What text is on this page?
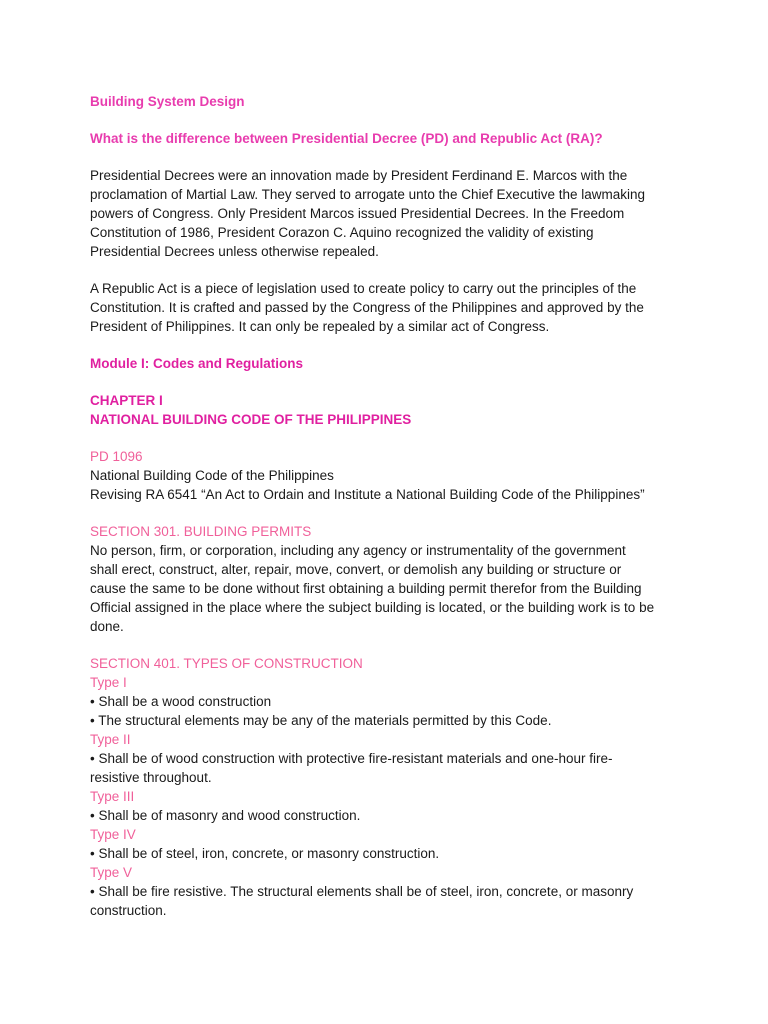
Building System Design
What is the difference between Presidential Decree (PD) and Republic Act (RA)?
Presidential Decrees were an innovation made by President Ferdinand E. Marcos with the
proclamation of Martial Law. They served to arrogate unto the Chief Executive the lawmaking
powers of Congress. Only President Marcos issued Presidential Decrees. In the Freedom
Constitution of 1986, President Corazon C. Aquino recognized the validity of existing
Presidential Decrees unless otherwise repealed.
A Republic Act is a piece of legislation used to create policy to carry out the principles of the
Constitution. It is crafted and passed by the Congress of the Philippines and approved by the
President of Philippines. It can only be repealed by a similar act of Congress.
Module I: Codes and Regulations
CHAPTER I
NATIONAL BUILDING CODE OF THE PHILIPPINES
PD 1096
National Building Code of the Philippines
Revising RA 6541 “An Act to Ordain and Institute a National Building Code of the Philippines”
SECTION 301. BUILDING PERMITS
No person, firm, or corporation, including any agency or instrumentality of the government
shall erect, construct, alter, repair, move, convert, or demolish any building or structure or
cause the same to be done without first obtaining a building permit therefor from the Building
Official assigned in the place where the subject building is located, or the building work is to be
done.
SECTION 401. TYPES OF CONSTRUCTION
Type I
• Shall be a wood construction
• The structural elements may be any of the materials permitted by this Code.
Type II
• Shall be of wood construction with protective fire-resistant materials and one-hour fire-
resistive throughout.
Type III
• Shall be of masonry and wood construction.
Type IV
• Shall be of steel, iron, concrete, or masonry construction.
Type V
• Shall be fire resistive. The structural elements shall be of steel, iron, concrete, or masonry
construction.
